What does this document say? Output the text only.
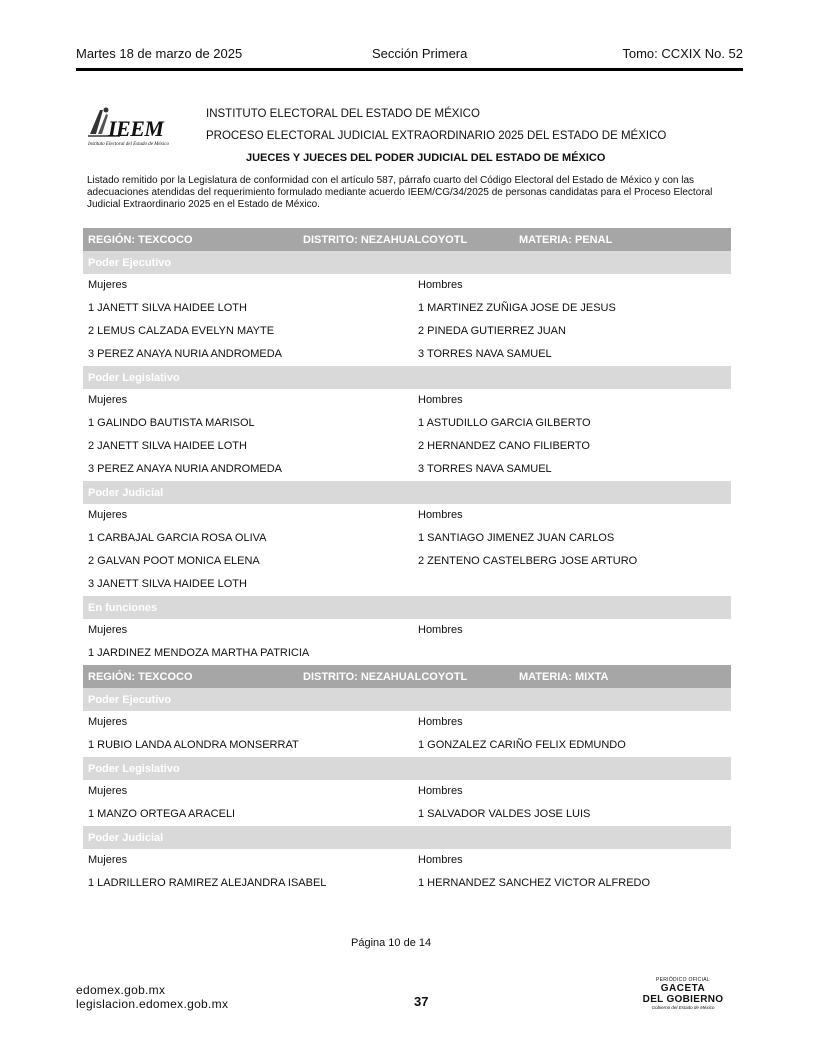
Martes 18 de marzo de 2025	Sección Primera	Tomo: CCXIX No. 52
IEEM
Instituto Electoral del Estado de México
INSTITUTO ELECTORAL DEL ESTADO DE MÉXICO
PROCESO ELECTORAL JUDICIAL EXTRAORDINARIO 2025 DEL ESTADO DE MÉXICO
JUECES Y JUECES DEL PODER JUDICIAL DEL ESTADO DE MÉXICO
Listado remitido por la Legislatura de conformidad con el artículo 587, párrafo cuarto del Código Electoral del Estado de México y con las adecuaciones atendidas del requerimiento formulado mediante acuerdo IEEM/CG/34/2025 de personas candidatas para el Proceso Electoral Judicial Extraordinario 2025 en el Estado de México.
REGIÓN: TEXCOCO	DISTRITO: NEZAHUALCOYOTL	MATERIA: PENAL
Poder Ejecutivo
Mujeres	Hombres
1 JANETT SILVA HAIDEE LOTH	1 MARTINEZ ZUÑIGA JOSE DE JESUS
2 LEMUS CALZADA EVELYN MAYTE	2 PINEDA GUTIERREZ JUAN
3 PEREZ ANAYA NURIA ANDROMEDA	3 TORRES NAVA SAMUEL
Poder Legislativo
Mujeres	Hombres
1 GALINDO BAUTISTA MARISOL	1 ASTUDILLO GARCIA GILBERTO
2 JANETT SILVA HAIDEE LOTH	2 HERNANDEZ CANO FILIBERTO
3 PEREZ ANAYA NURIA ANDROMEDA	3 TORRES NAVA SAMUEL
Poder Judicial
Mujeres	Hombres
1 CARBAJAL GARCIA ROSA OLIVA	1 SANTIAGO JIMENEZ JUAN CARLOS
2 GALVAN POOT MONICA ELENA	2 ZENTENO CASTELBERG JOSE ARTURO
3 JANETT SILVA HAIDEE LOTH
En funciones
Mujeres	Hombres
1 JARDINEZ MENDOZA MARTHA PATRICIA
REGIÓN: TEXCOCO	DISTRITO: NEZAHUALCOYOTL	MATERIA: MIXTA
Poder Ejecutivo
Mujeres	Hombres
1 RUBIO LANDA ALONDRA MONSERRAT	1 GONZALEZ CARIÑO FELIX EDMUNDO
Poder Legislativo
Mujeres	Hombres
1 MANZO ORTEGA ARACELI	1 SALVADOR VALDES JOSE LUIS
Poder Judicial
Mujeres	Hombres
1 LADRILLERO RAMIREZ ALEJANDRA ISABEL	1 HERNANDEZ SANCHEZ VICTOR ALFREDO
Página 10 de 14
edomex.gob.mx
legislacion.edomex.gob.mx	37
PERIÓDICO OFICIAL
GACETA
DEL GOBIERNO
Gobierno del Estado de México
